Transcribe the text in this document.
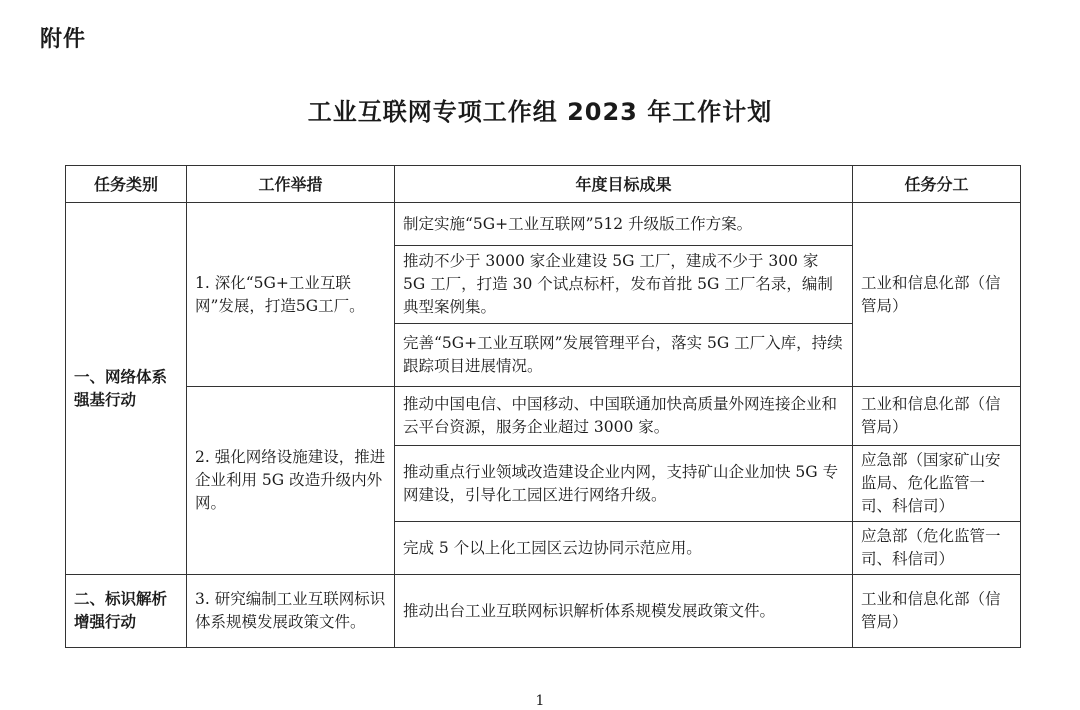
附件
工业互联网专项工作组 2023 年工作计划
任务类别	工作举措	年度目标成果	任务分工
一、网络体系强基行动	1. 深化“5G+工业互联网”发展，打造5G工厂。	制定实施“5G+工业互联网”512 升级版工作方案。	工业和信息化部（信管局）
		推动不少于 3000 家企业建设 5G 工厂，建成不少于 300 家 5G 工厂，打造 30 个试点标杆，发布首批 5G 工厂名录，编制典型案例集。	
		完善“5G+工业互联网”发展管理平台，落实 5G 工厂入库，持续跟踪项目进展情况。	
	2. 强化网络设施建设，推进企业利用 5G 改造升级内外网。	推动中国电信、中国移动、中国联通加快高质量外网连接企业和云平台资源，服务企业超过 3000 家。	工业和信息化部（信管局）
		推动重点行业领域改造建设企业内网，支持矿山企业加快 5G 专网建设，引导化工园区进行网络升级。	应急部（国家矿山安监局、危化监管一司、科信司）
		完成 5 个以上化工园区云边协同示范应用。	应急部（危化监管一司、科信司）
二、标识解析增强行动	3. 研究编制工业互联网标识体系规模发展政策文件。	推动出台工业互联网标识解析体系规模发展政策文件。	工业和信息化部（信管局）
1
